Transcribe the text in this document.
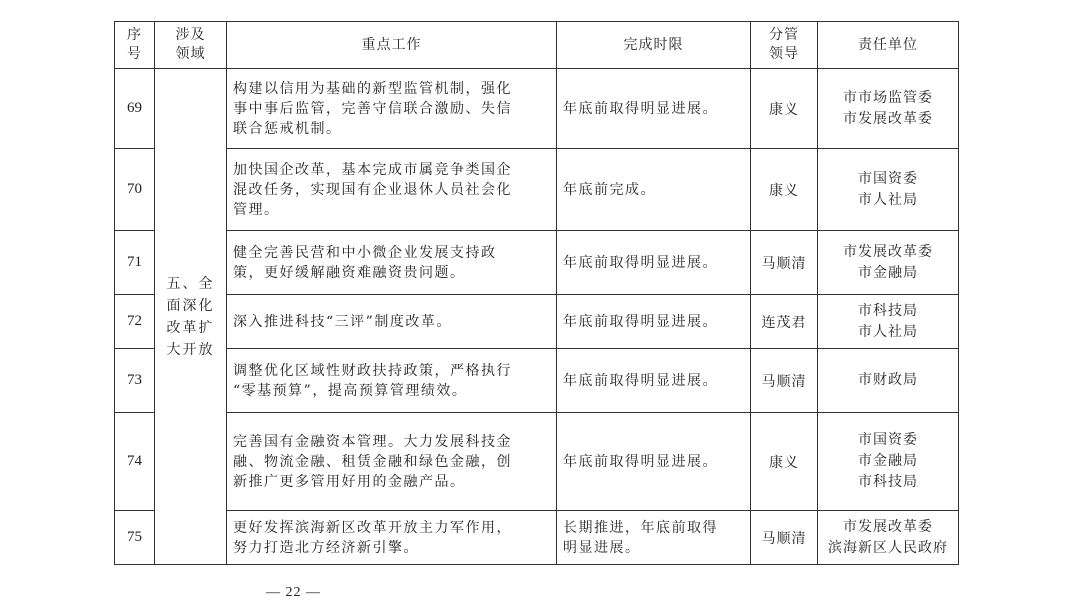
序
号	涉及
领域	重点工作	完成时限	分管
领导	责任单位
69	五、全
面深化
改革扩
大开放	构建以信用为基础的新型监管机制，强化
事中事后监管，完善守信联合激励、失信
联合惩戒机制。	年底前取得明显进展。	康义	市市场监管委
市发展改革委

70		加快国企改革，基本完成市属竞争类国企
混改任务，实现国有企业退休人员社会化
管理。	年底前完成。	康义	市国资委
市人社局

71		健全完善民营和中小微企业发展支持政
策，更好缓解融资难融资贵问题。	年底前取得明显进展。	马顺清	市发展改革委
市金融局

72		深入推进科技“三评”制度改革。	年底前取得明显进展。	连茂君	市科技局
市人社局

73		调整优化区域性财政扶持政策，严格执行
“零基预算”，提高预算管理绩效。	年底前取得明显进展。	马顺清	市财政局

74		完善国有金融资本管理。大力发展科技金
融、物流金融、租赁金融和绿色金融，创
新推广更多管用好用的金融产品。	年底前取得明显进展。	康义	市国资委
市金融局
市科技局

75		更好发挥滨海新区改革开放主力军作用，
努力打造北方经济新引擎。	长期推进，年底前取得
明显进展。	马顺清	市发展改革委
滨海新区人民政府
— 22 —
